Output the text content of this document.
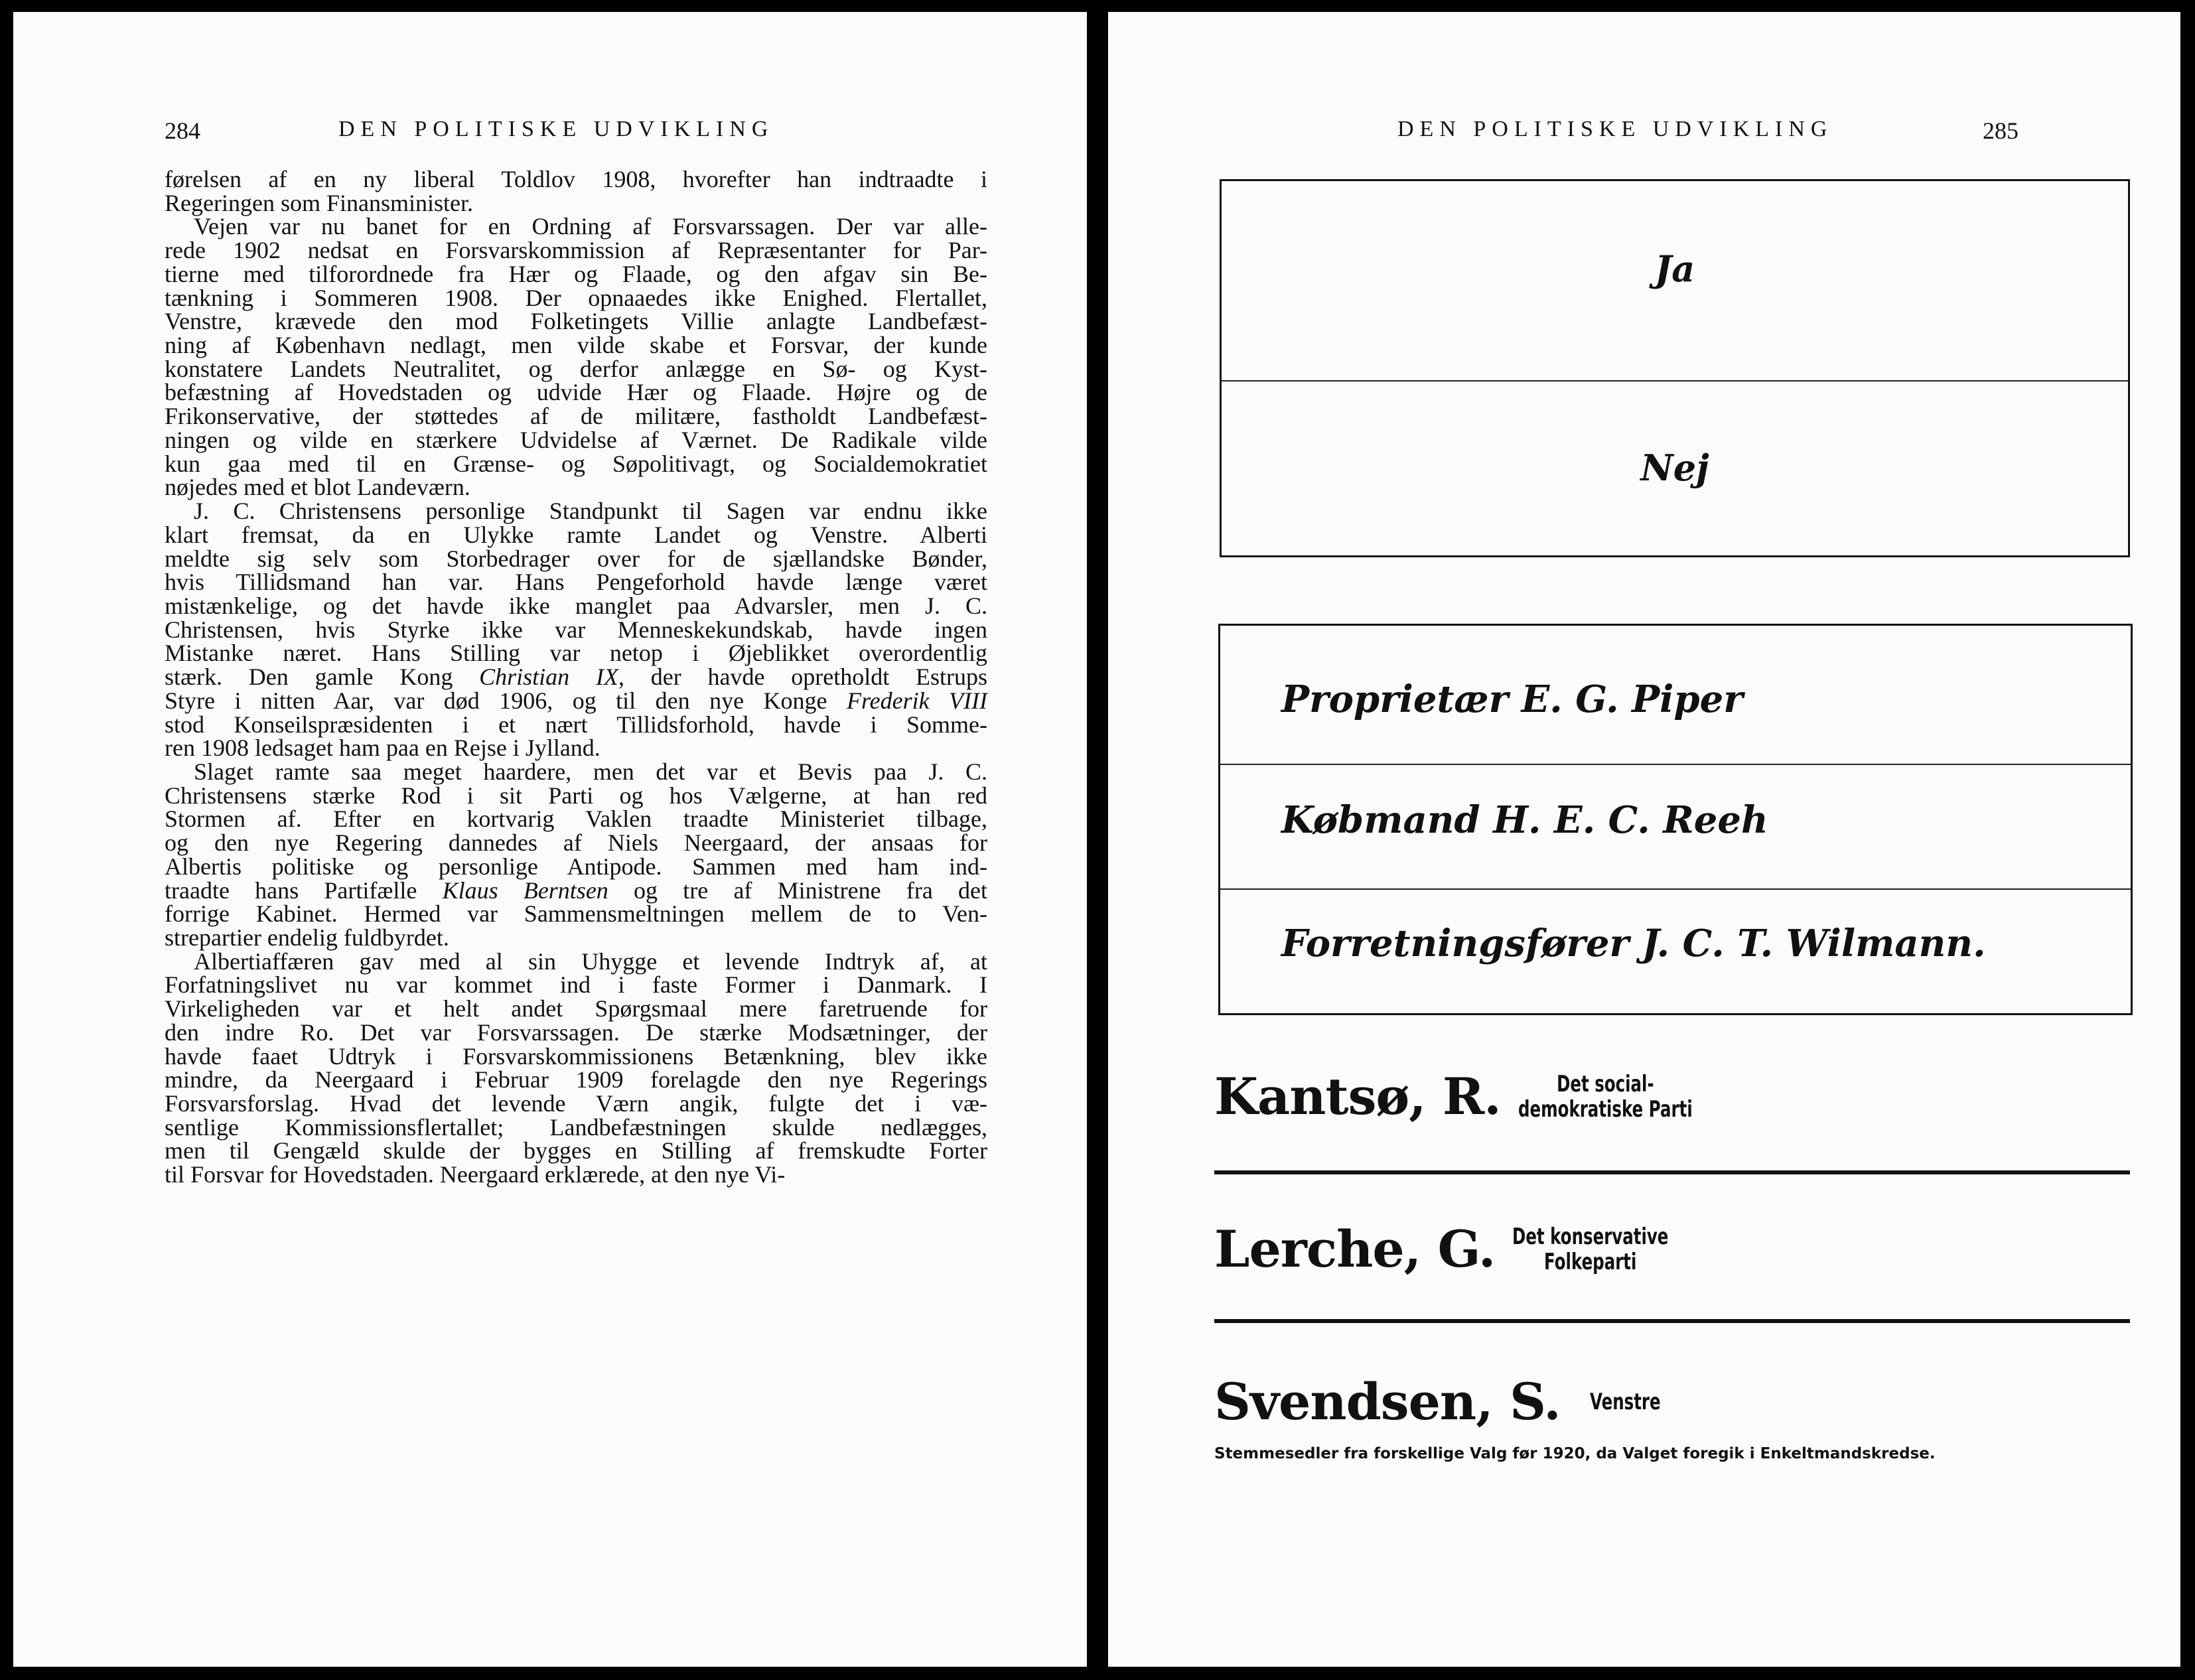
284	DEN POLITISKE UDVIKLING
førelsen af en ny liberal Toldlov 1908, hvorefter han indtraadte i
Regeringen som Finansminister.
Vejen var nu banet for en Ordning af Forsvarssagen. Der var alle-
rede 1902 nedsat en Forsvarskommission af Repræsentanter for Par-
tierne med tilforordnede fra Hær og Flaade, og den afgav sin Be-
tænkning i Sommeren 1908. Der opnaaedes ikke Enighed. Flertallet,
Venstre, krævede den mod Folketingets Villie anlagte Landbefæst-
ning af København nedlagt, men vilde skabe et Forsvar, der kunde
konstatere Landets Neutralitet, og derfor anlægge en Sø- og Kyst-
befæstning af Hovedstaden og udvide Hær og Flaade. Højre og de
Frikonservative, der støttedes af de militære, fastholdt Landbefæst-
ningen og vilde en stærkere Udvidelse af Værnet. De Radikale vilde
kun gaa med til en Grænse- og Søpolitivagt, og Socialdemokratiet
nøjedes med et blot Landeværn.
J. C. Christensens personlige Standpunkt til Sagen var endnu ikke
klart fremsat, da en Ulykke ramte Landet og Venstre. Alberti
meldte sig selv som Storbedrager over for de sjællandske Bønder,
hvis Tillidsmand han var. Hans Pengeforhold havde længe været
mistænkelige, og det havde ikke manglet paa Advarsler, men J. C.
Christensen, hvis Styrke ikke var Menneskekundskab, havde ingen
Mistanke næret. Hans Stilling var netop i Øjeblikket overordentlig
stærk. Den gamle Kong Christian IX, der havde opretholdt Estrups
Styre i nitten Aar, var død 1906, og til den nye Konge Frederik VIII
stod Konseilspræsidenten i et nært Tillidsforhold, havde i Somme-
ren 1908 ledsaget ham paa en Rejse i Jylland.
Slaget ramte saa meget haardere, men det var et Bevis paa J. C.
Christensens stærke Rod i sit Parti og hos Vælgerne, at han red
Stormen af. Efter en kortvarig Vaklen traadte Ministeriet tilbage,
og den nye Regering dannedes af Niels Neergaard, der ansaas for
Albertis politiske og personlige Antipode. Sammen med ham ind-
traadte hans Partifælle Klaus Berntsen og tre af Ministrene fra det
forrige Kabinet. Hermed var Sammensmeltningen mellem de to Ven-
strepartier endelig fuldbyrdet.
Albertiaffæren gav med al sin Uhygge et levende Indtryk af, at
Forfatningslivet nu var kommet ind i faste Former i Danmark. I
Virkeligheden var et helt andet Spørgsmaal mere faretruende for
den indre Ro. Det var Forsvarssagen. De stærke Modsætninger, der
havde faaet Udtryk i Forsvarskommissionens Betænkning, blev ikke
mindre, da Neergaard i Februar 1909 forelagde den nye Regerings
Forsvarsforslag. Hvad det levende Værn angik, fulgte det i væ-
sentlige Kommissionsflertallet; Landbefæstningen skulde nedlægges,
men til Gengæld skulde der bygges en Stilling af fremskudte Forter
til Forsvar for Hovedstaden. Neergaard erklærede, at den nye Vi-
DEN POLITISKE UDVIKLING	285
Ja
Nej
Proprietær E. G. Piper
Købmand H. E. C. Reeh
Forretningsfører J. C. T. Wilmann.
Kantsø, R. Det social-
demokratiske Parti
Lerche, G. Det konservative
Folkeparti
Svendsen, S. Venstre
Stemmesedler fra forskellige Valg før 1920, da Valget foregik i Enkeltmandskredse.
